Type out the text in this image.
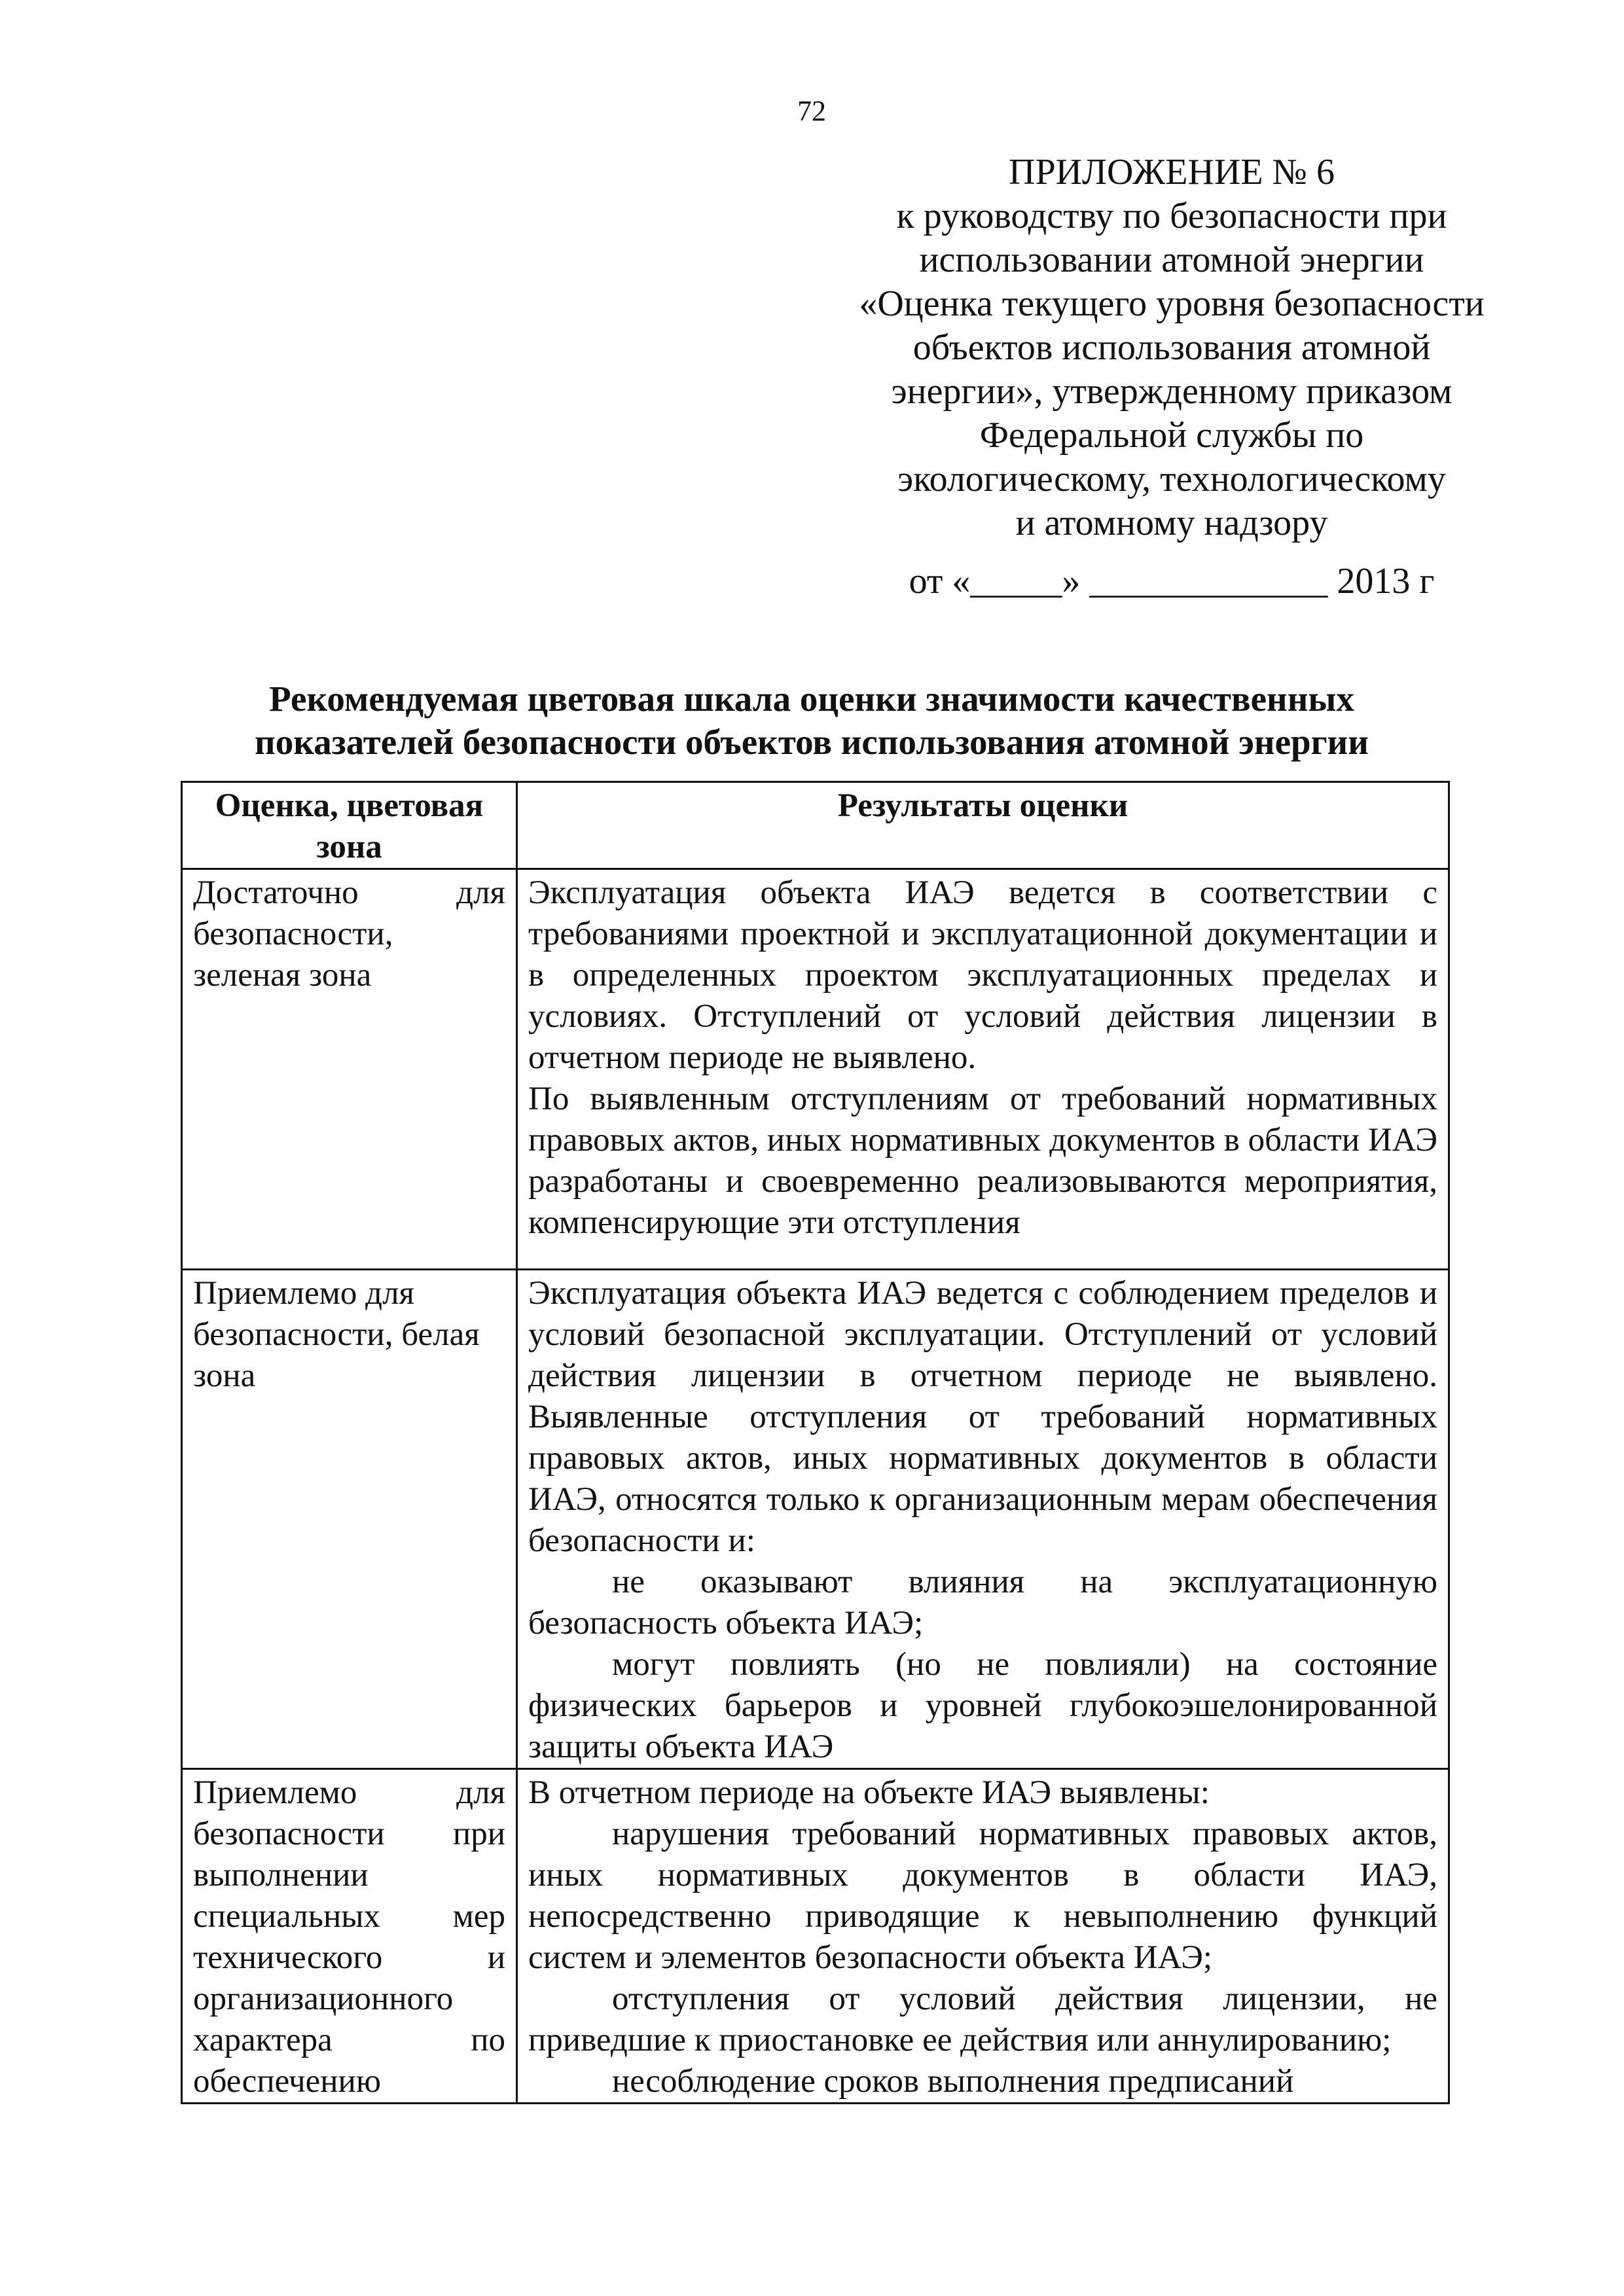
72
ПРИЛОЖЕНИЕ № 6
к руководству по безопасности при
использовании атомной энергии
«Оценка текущего уровня безопасности
объектов использования атомной
энергии», утвержденному приказом
Федеральной службы по
экологическому, технологическому
и атомному надзору
от «_____» _____________ 2013 г
Рекомендуемая цветовая шкала оценки значимости качественных
показателей безопасности объектов использования атомной энергии
Оценка, цветовая зона	Результаты оценки

Достаточно для безопасности, зеленая зона	Эксплуатация объекта ИАЭ ведется в соответствии с требованиями проектной и эксплуатационной документации и в определенных проектом эксплуатационных пределах и условиях. Отступлений от условий действия лицензии в отчетном периоде не выявлено.

По выявленным отступлениям от требований нормативных правовых актов, иных нормативных документов в области ИАЭ разработаны и своевременно реализовываются мероприятия, компенсирующие эти отступления

Приемлемо для безопасности, белая зона	Эксплуатация объекта ИАЭ ведется с соблюдением пределов и условий безопасной эксплуатации. Отступлений от условий действия лицензии в отчетном периоде не выявлено. Выявленные отступления от требований нормативных правовых актов, иных нормативных документов в области ИАЭ, относятся только к организационным мерам обеспечения безопасности и:

не оказывают влияния на эксплуатационную безопасность объекта ИАЭ;

могут повлиять (но не повлияли) на состояние физических барьеров и уровней глубокоэшелонированной защиты объекта ИАЭ

Приемлемо для безопасности при выполнении специальных мер технического и организационного характера по обеспечению	В отчетном периоде на объекте ИАЭ выявлены:

нарушения требований нормативных правовых актов, иных нормативных документов в области ИАЭ, непосредственно приводящие к невыполнению функций систем и элементов безопасности объекта ИАЭ;

отступления от условий действия лицензии, не приведшие к приостановке ее действия или аннулированию;

несоблюдение сроков выполнения предписаний
